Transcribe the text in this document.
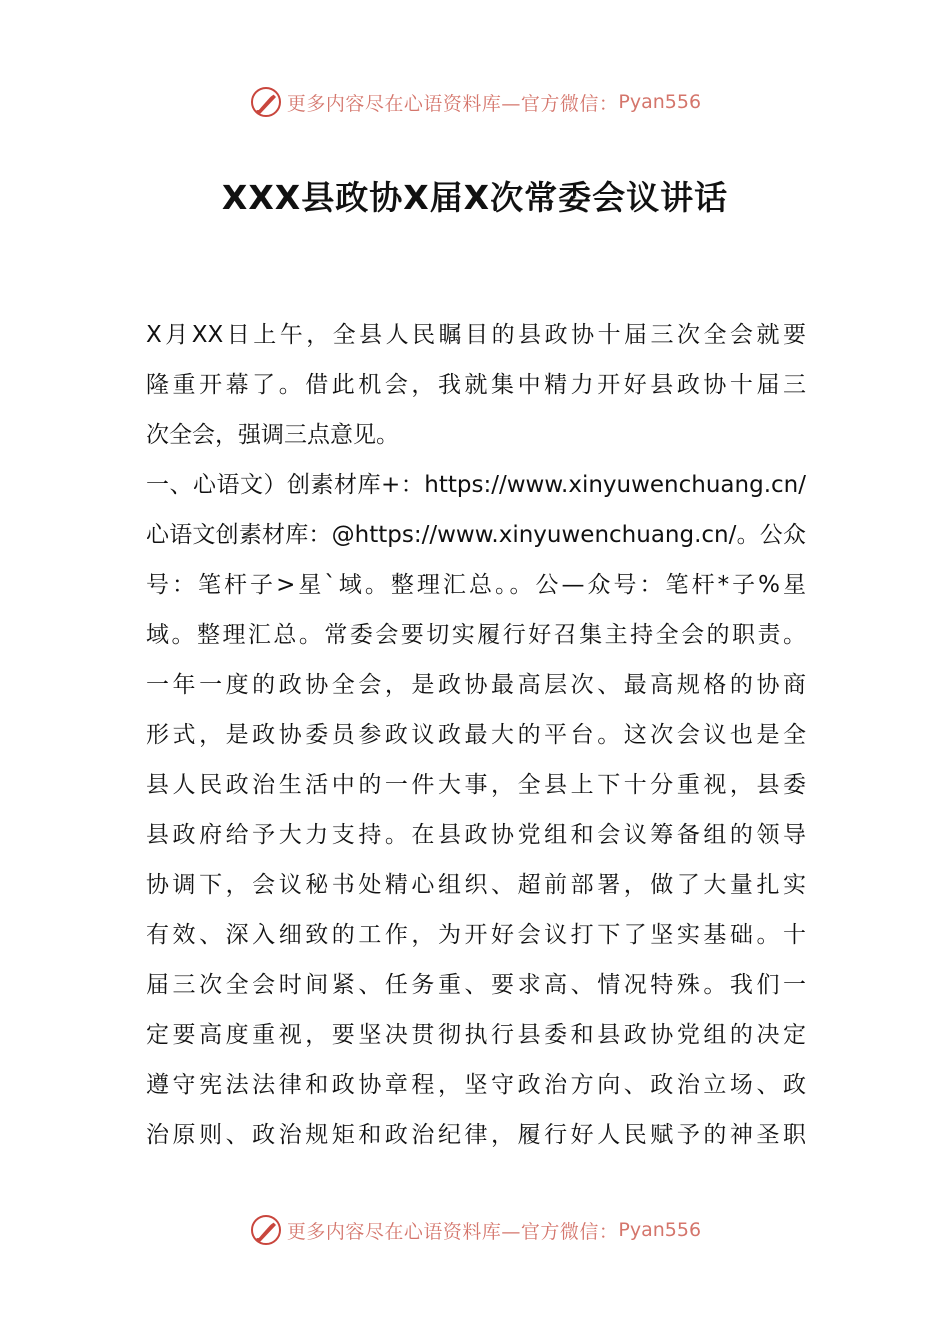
更多内容尽在心语资料库—官方微信： Pyan556
XXX县政协X届X次常委会议讲话
X月XX日上午，全县人民瞩目的县政协十届三次全会就要
隆重开幕了。借此机会，我就集中精力开好县政协十届三
次全会，强调三点意见。
一、心语文）创素材库+：https://www.xinyuwenchuang.cn/
心语文创素材库：@https://www.xinyuwenchuang.cn/。公众
号：笔杆子>星`域。整理汇总。。公—众号：笔杆*子%星
域。整理汇总。常委会要切实履行好召集主持全会的职责。
一年一度的政协全会，是政协最高层次、最高规格的协商
形式，是政协委员参政议政最大的平台。这次会议也是全
县人民政治生活中的一件大事，全县上下十分重视，县委
县政府给予大力支持。在县政协党组和会议筹备组的领导
协调下，会议秘书处精心组织、超前部署，做了大量扎实
有效、深入细致的工作，为开好会议打下了坚实基础。十
届三次全会时间紧、任务重、要求高、情况特殊。我们一
定要高度重视，要坚决贯彻执行县委和县政协党组的决定
遵守宪法法律和政协章程，坚守政治方向、政治立场、政
治原则、政治规矩和政治纪律，履行好人民赋予的神圣职
更多内容尽在心语资料库—官方微信： Pyan556
